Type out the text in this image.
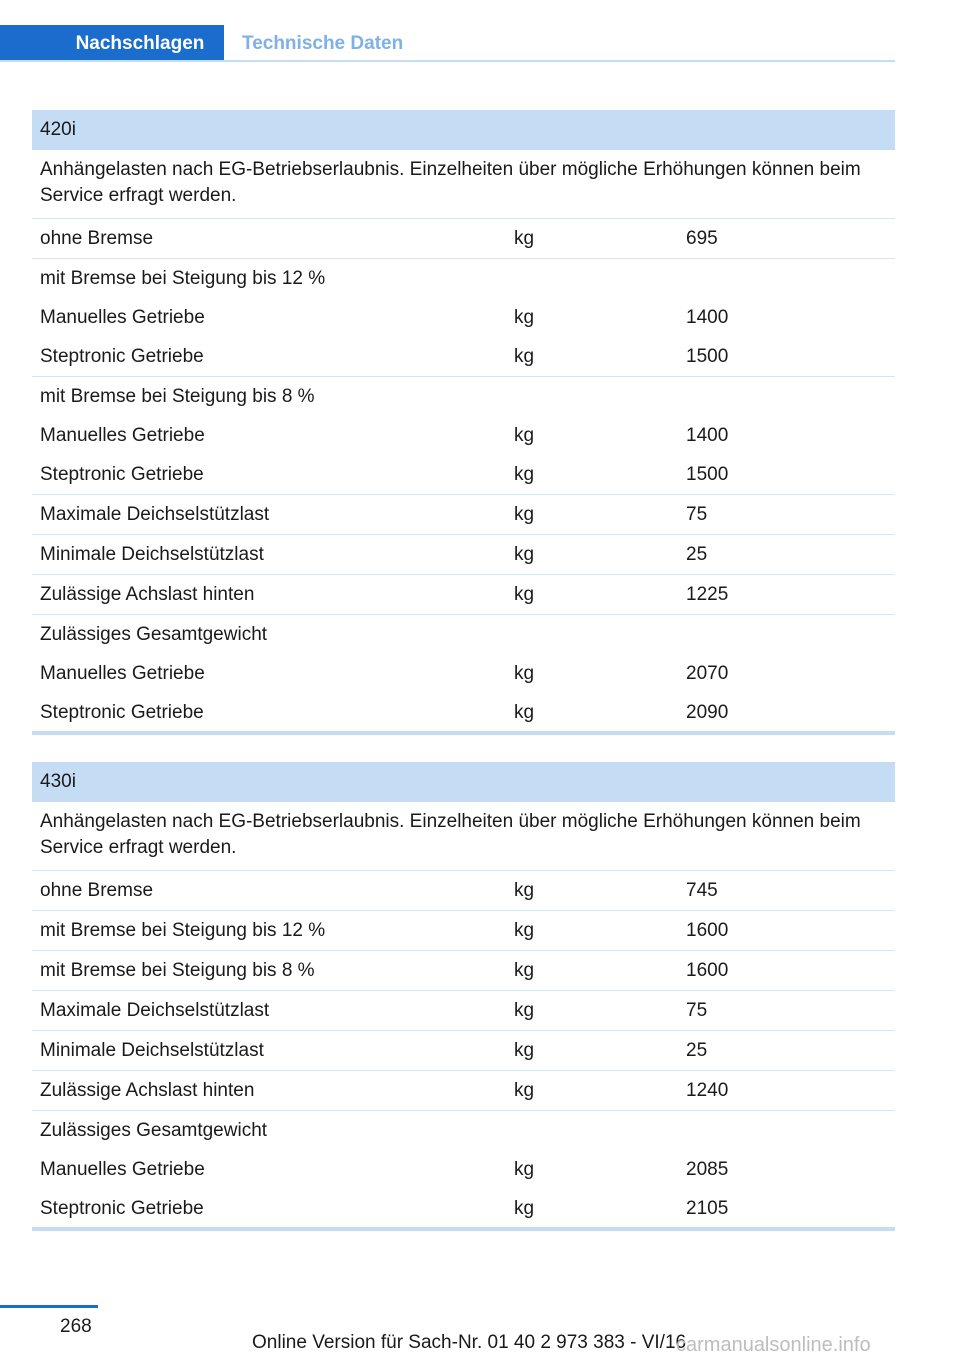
Nachschlagen Technische Daten
420i
Anhängelasten nach EG-Betriebserlaubnis. Einzelheiten über mögliche Erhöhungen können beim Service erfragt werden.
ohne Bremse	kg	695
mit Bremse bei Steigung bis 12 %
Manuelles Getriebe	kg	1400
Steptronic Getriebe	kg	1500
mit Bremse bei Steigung bis 8 %
Manuelles Getriebe	kg	1400
Steptronic Getriebe	kg	1500
Maximale Deichselstützlast	kg	75
Minimale Deichselstützlast	kg	25
Zulässige Achslast hinten	kg	1225
Zulässiges Gesamtgewicht
Manuelles Getriebe	kg	2070
Steptronic Getriebe	kg	2090
430i
Anhängelasten nach EG-Betriebserlaubnis. Einzelheiten über mögliche Erhöhungen können beim Service erfragt werden.
ohne Bremse	kg	745
mit Bremse bei Steigung bis 12 %	kg	1600
mit Bremse bei Steigung bis 8 %	kg	1600
Maximale Deichselstützlast	kg	75
Minimale Deichselstützlast	kg	25
Zulässige Achslast hinten	kg	1240
Zulässiges Gesamtgewicht
Manuelles Getriebe	kg	2085
Steptronic Getriebe	kg	2105
268
Online Version für Sach-Nr. 01 40 2 973 383 - VI/16
carmanualsonline.info
